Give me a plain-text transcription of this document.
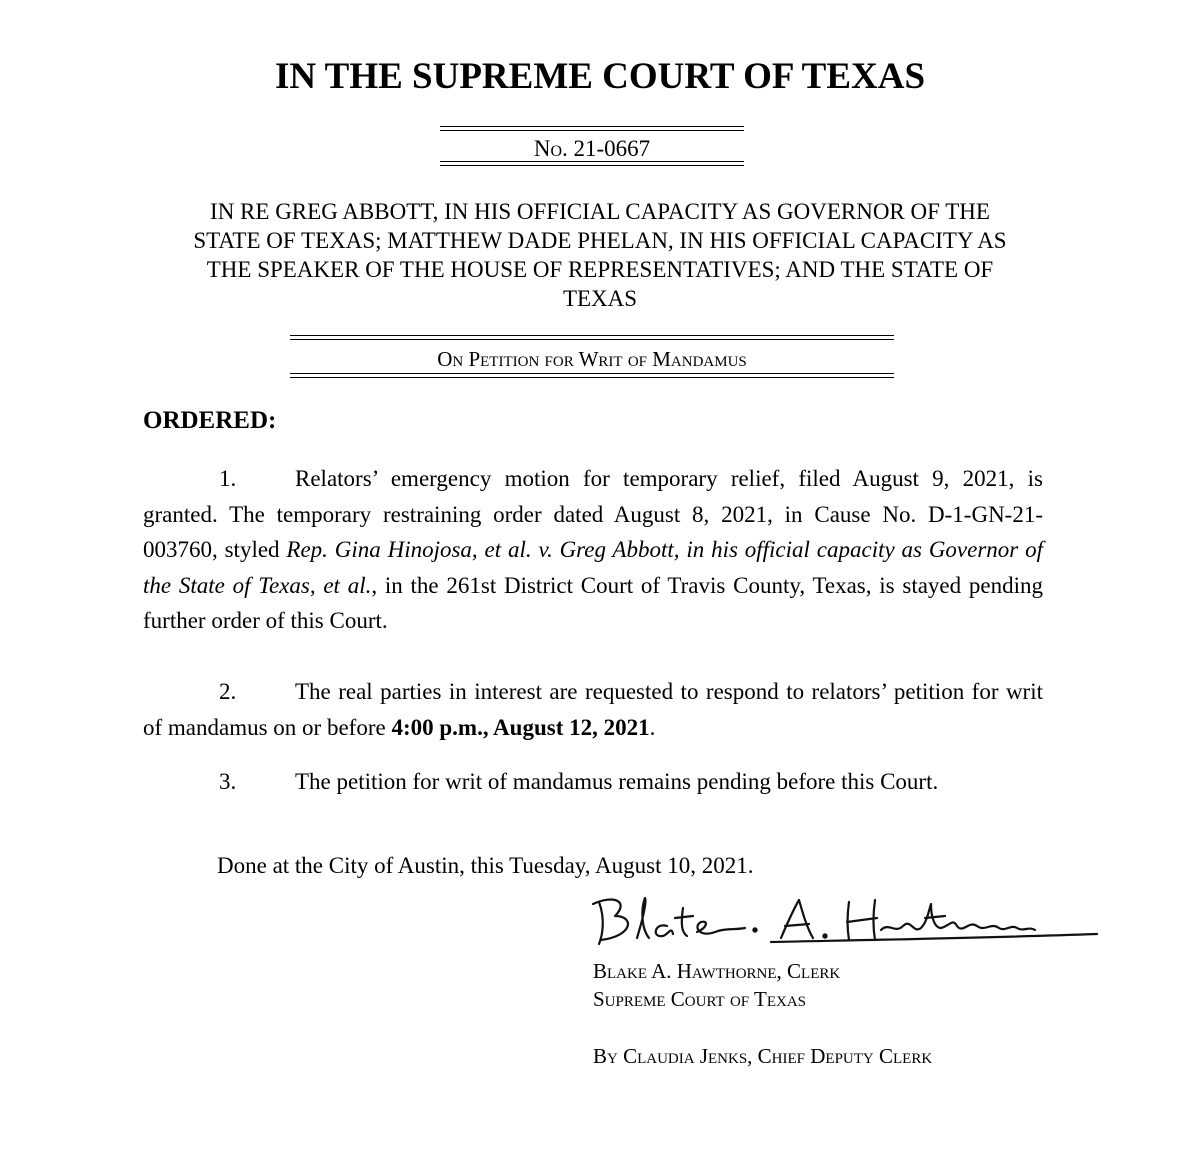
IN THE SUPREME COURT OF TEXAS
No. 21-0667
IN RE GREG ABBOTT, IN HIS OFFICIAL CAPACITY AS GOVERNOR OF THE
STATE OF TEXAS; MATTHEW DADE PHELAN, IN HIS OFFICIAL CAPACITY AS
THE SPEAKER OF THE HOUSE OF REPRESENTATIVES; AND THE STATE OF
TEXAS
On Petition for Writ of Mandamus
ORDERED:
1.	Relators’ emergency motion for temporary relief, filed August 9, 2021, is granted. The temporary restraining order dated August 8, 2021, in Cause No. D-1-GN-21-003760, styled Rep. Gina Hinojosa, et al. v. Greg Abbott, in his official capacity as Governor of the State of Texas, et al., in the 261st District Court of Travis County, Texas, is stayed pending further order of this Court.
2.	The real parties in interest are requested to respond to relators’ petition for writ of mandamus on or before 4:00 p.m., August 12, 2021.
3.	The petition for writ of mandamus remains pending before this Court.
Done at the City of Austin, this Tuesday, August 10, 2021.
Blake A. Hawthorne, Clerk
Supreme Court of Texas
By Claudia Jenks, Chief Deputy Clerk
